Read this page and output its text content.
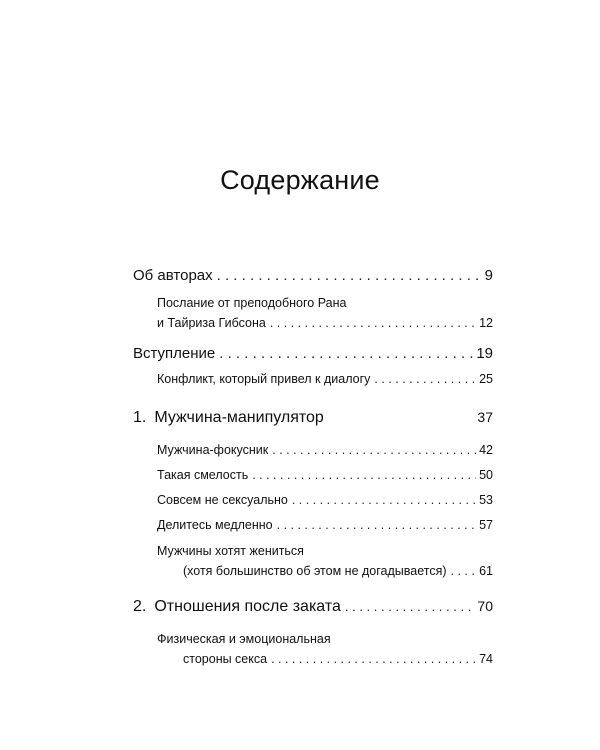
Содержание
Об авторах . . .	9
Послание от преподобного Рана
и Тайриза Гибсона . . .	12
Вступление . . .	19
Конфликт, который привел к диалогу . . .	25
1. Мужчина-манипулятор	37
Мужчина-фокусник . . .	42
Такая смелость . . .	50
Совсем не сексуально . . .	53
Делитесь медленно . . .	57
Мужчины хотят жениться
(хотя большинство об этом не догадывается) . . .	61
2. Отношения после заката . . .	70
Физическая и эмоциональная
стороны секса . . .	74
